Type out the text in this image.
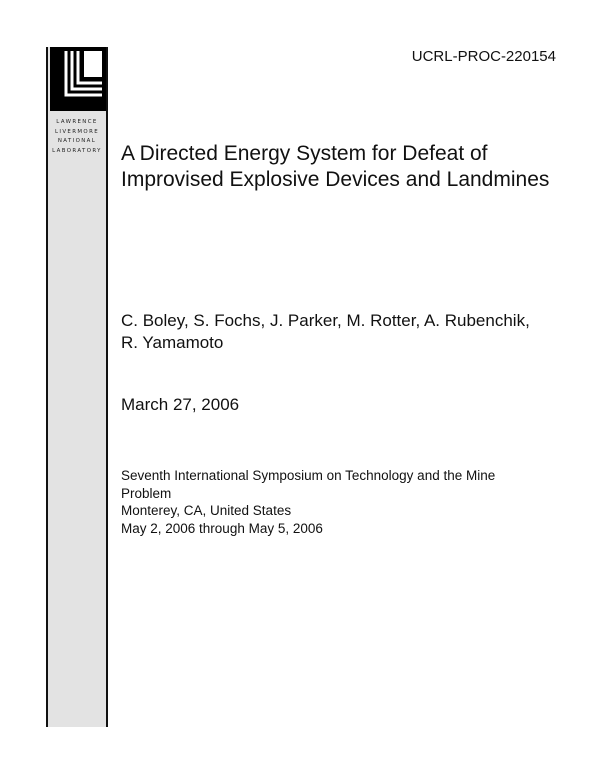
LAWRENCE
LIVERMORE
NATIONAL
LABORATORY
UCRL-PROC-220154
A Directed Energy System for Defeat of Improvised Explosive Devices and Landmines
C. Boley, S. Fochs, J. Parker, M. Rotter, A. Rubenchik, R. Yamamoto
March 27, 2006
Seventh International Symposium on Technology and the Mine
Problem
Monterey, CA, United States
May 2, 2006 through May 5, 2006
